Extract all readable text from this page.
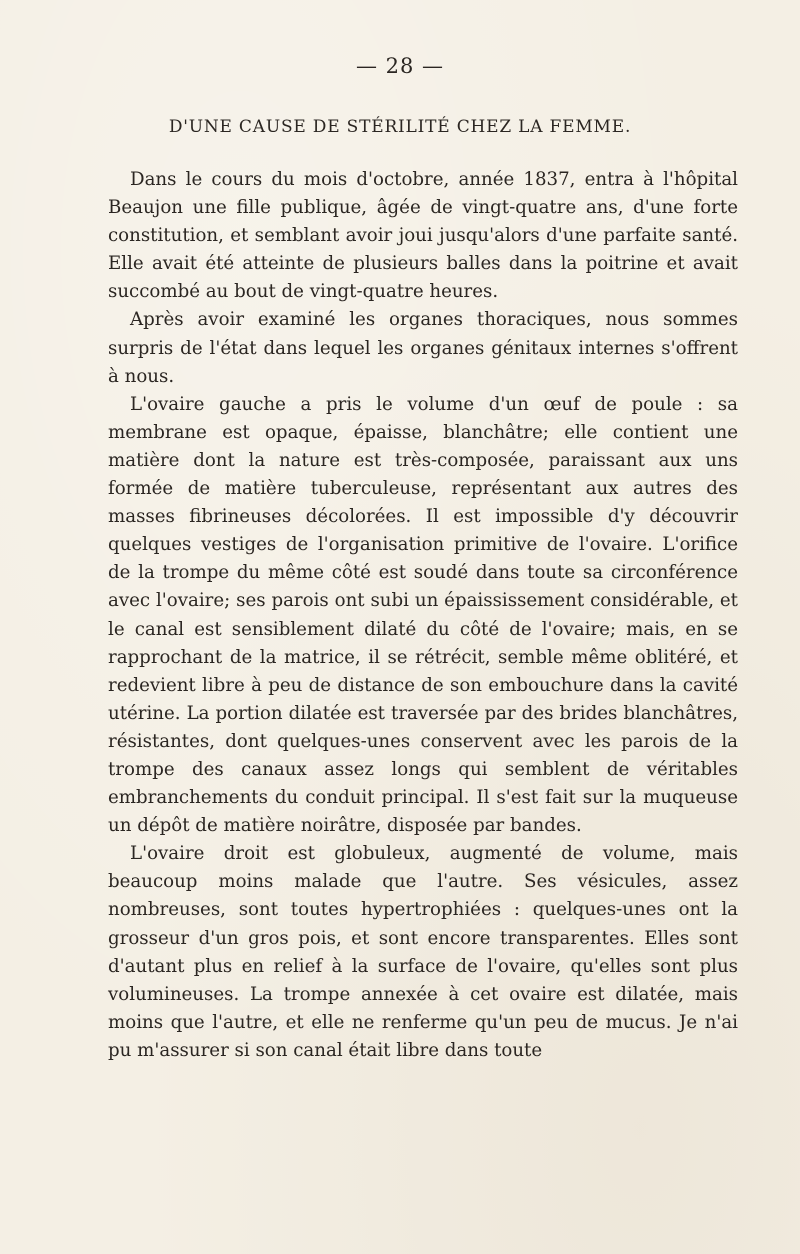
— 28 —
D'UNE CAUSE DE STÉRILITÉ CHEZ LA FEMME.

Dans le cours du mois d'octobre, année 1837, entra à l'hôpital Beaujon une fille publique, âgée de vingt-quatre ans, d'une forte constitution, et semblant avoir joui jusqu'alors d'une parfaite santé. Elle avait été atteinte de plusieurs balles dans la poitrine et avait succombé au bout de vingt-quatre heures.

Après avoir examiné les organes thoraciques, nous sommes surpris de l'état dans lequel les organes génitaux internes s'offrent à nous.

L'ovaire gauche a pris le volume d'un œuf de poule : sa membrane est opaque, épaisse, blanchâtre; elle contient une matière dont la nature est très-composée, paraissant aux uns formée de matière tuberculeuse, représentant aux autres des masses fibrineuses décolorées. Il est impossible d'y découvrir quelques vestiges de l'organisation primitive de l'ovaire. L'orifice de la trompe du même côté est soudé dans toute sa circonférence avec l'ovaire; ses parois ont subi un épaississement considérable, et le canal est sensiblement dilaté du côté de l'ovaire; mais, en se rapprochant de la matrice, il se rétrécit, semble même oblitéré, et redevient libre à peu de distance de son embouchure dans la cavité utérine. La portion dilatée est traversée par des brides blanchâtres, résistantes, dont quelques-unes conservent avec les parois de la trompe des canaux assez longs qui semblent de véritables embranchements du conduit principal. Il s'est fait sur la muqueuse un dépôt de matière noirâtre, disposée par bandes.

L'ovaire droit est globuleux, augmenté de volume, mais beaucoup moins malade que l'autre. Ses vésicules, assez nombreuses, sont toutes hypertrophiées : quelques-unes ont la grosseur d'un gros pois, et sont encore transparentes. Elles sont d'autant plus en relief à la surface de l'ovaire, qu'elles sont plus volumineuses. La trompe annexée à cet ovaire est dilatée, mais moins que l'autre, et elle ne renferme qu'un peu de mucus. Je n'ai pu m'assurer si son canal était libre dans toute
